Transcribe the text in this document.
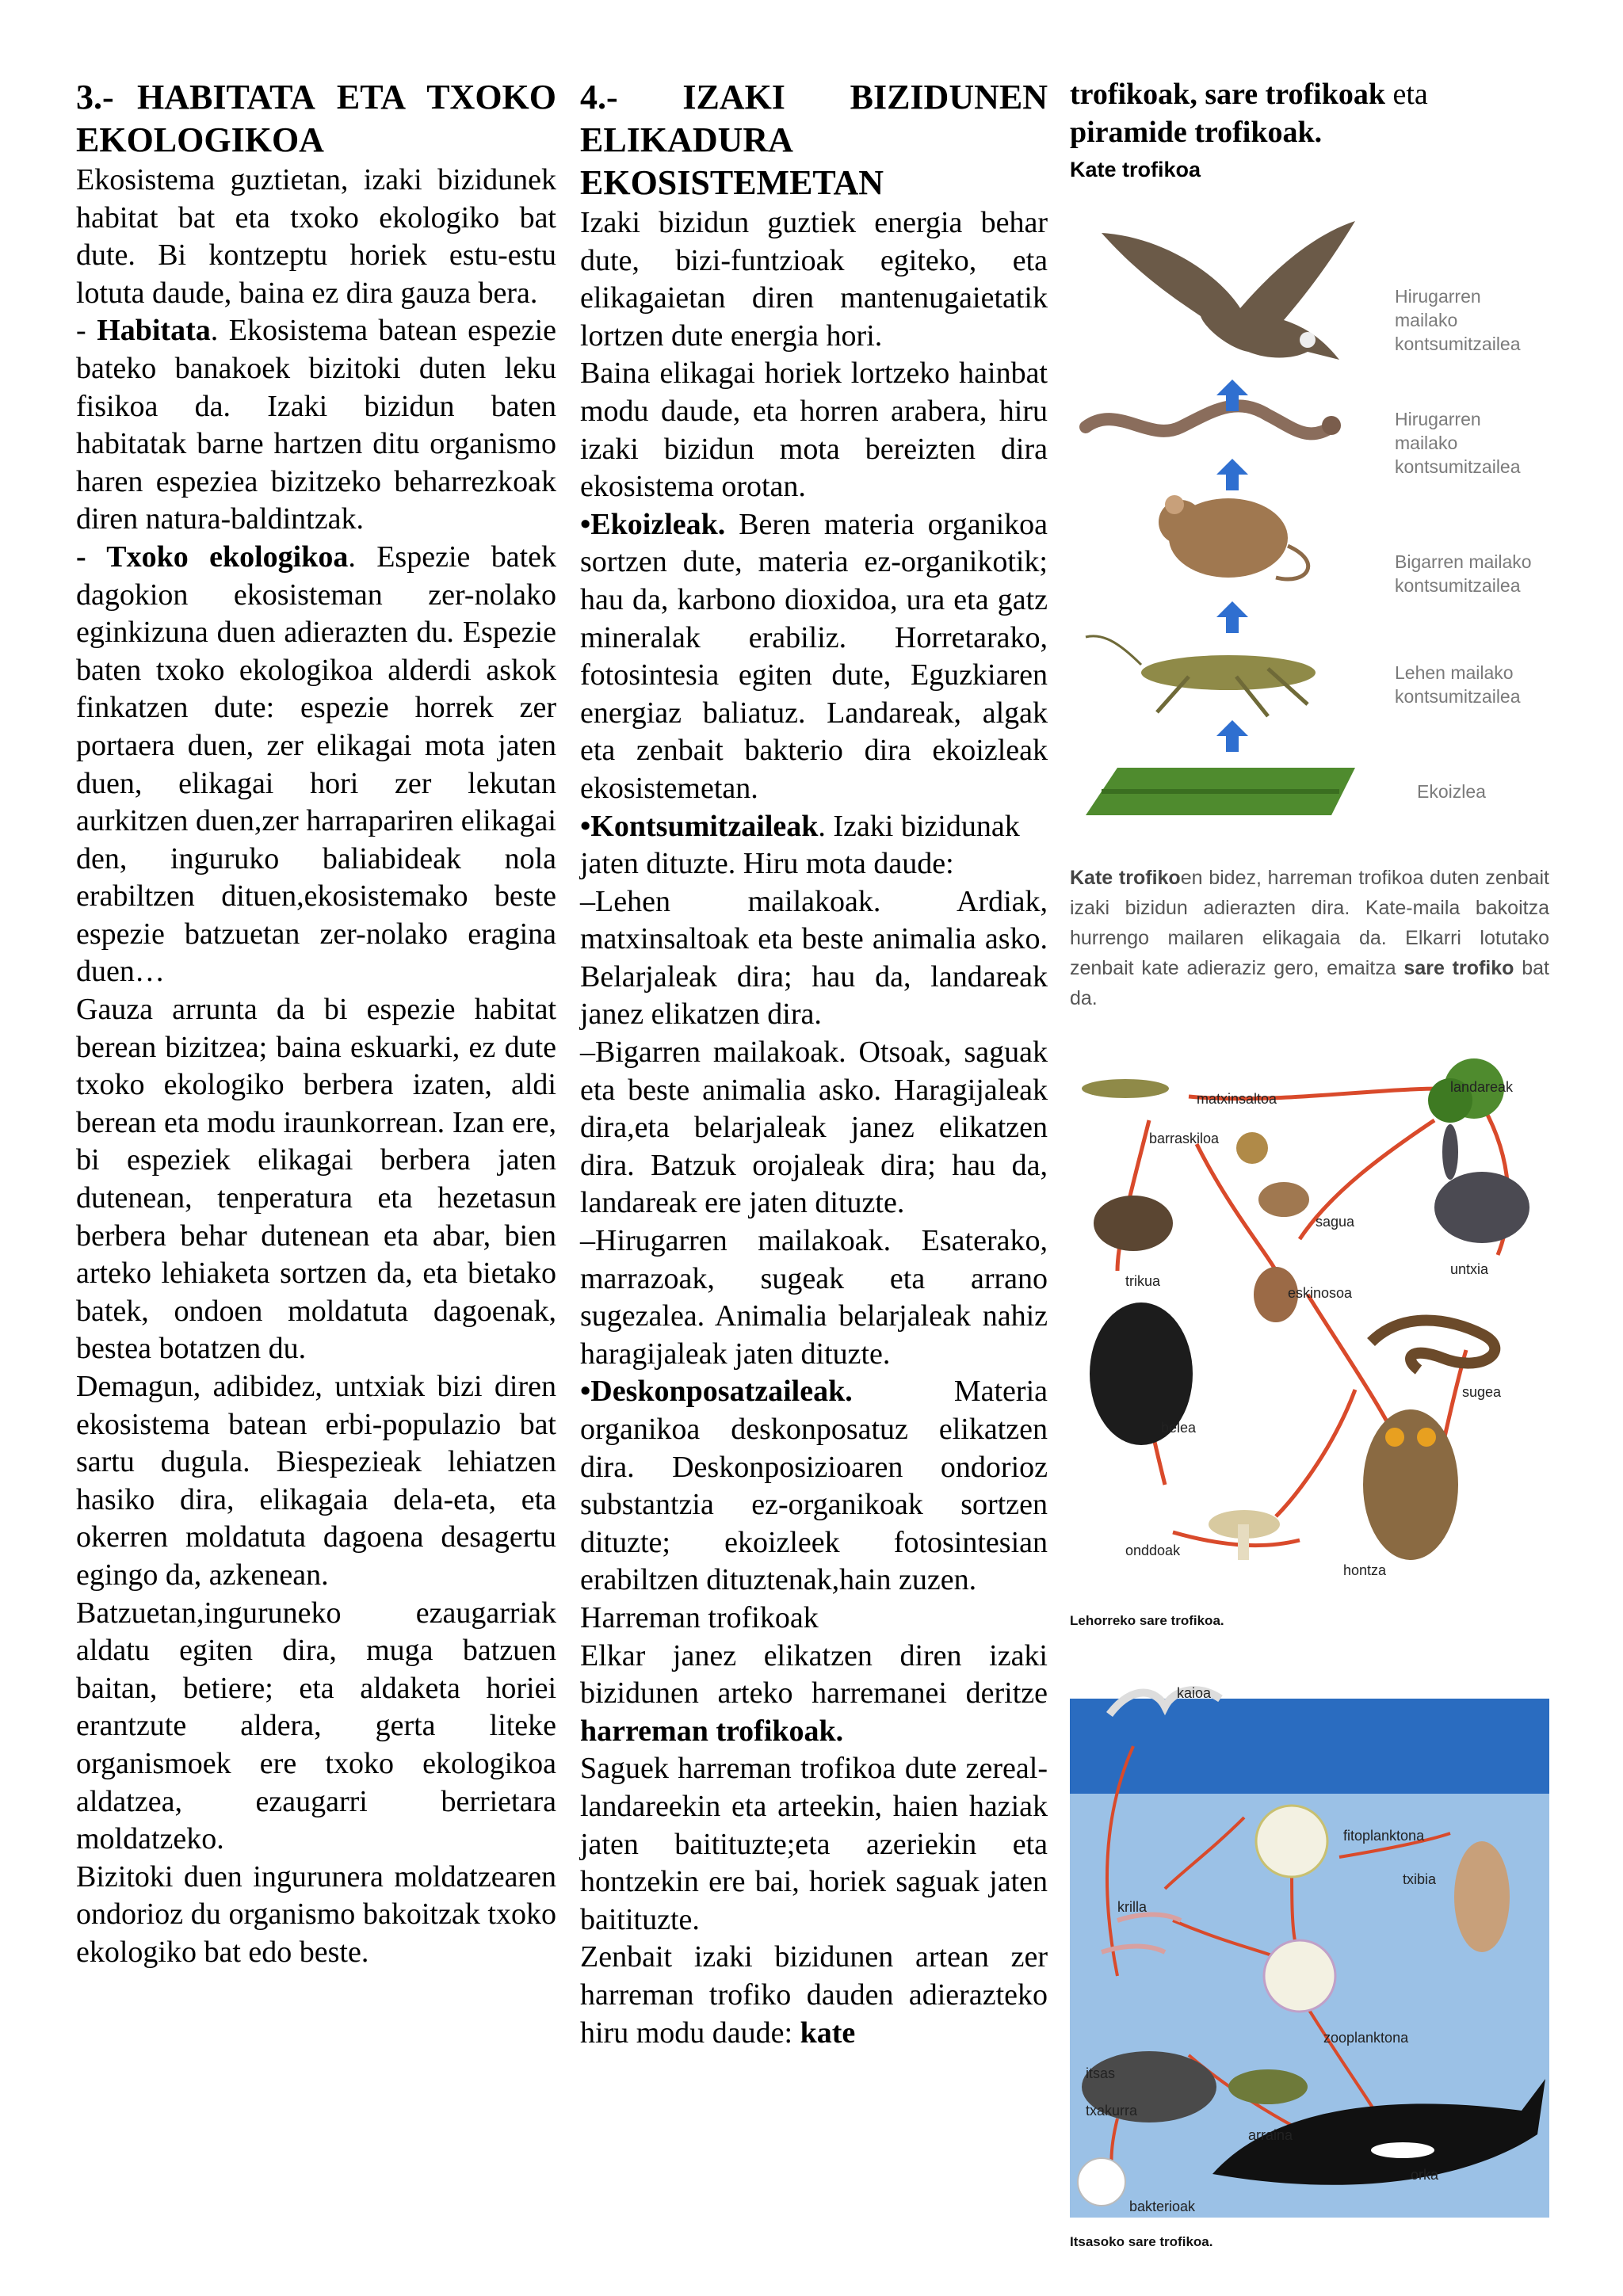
3.- HABITATA ETA TXOKO EKOLOGIKOA

Ekosistema guztietan, izaki bizidunek habitat bat eta txoko ekologiko bat dute. Bi kontzeptu horiek estu-estu lotuta daude, baina ez dira gauza bera.

- Habitata. Ekosistema batean espezie bateko banakoek bizitoki duten leku fisikoa da. Izaki bizidun baten habitatak barne hartzen ditu organismo haren espeziea bizitzeko beharrezkoak diren natura-baldintzak.

- Txoko ekologikoa. Espezie batek dagokion ekosisteman zer-nolako eginkizuna duen adierazten du. Espezie baten txoko ekologikoa alderdi askok finkatzen dute: espezie horrek zer portaera duen, zer elikagai mota jaten duen, elikagai hori zer lekutan aurkitzen duen,zer harrapariren elikagai den, inguruko baliabideak nola erabiltzen dituen,ekosistemako beste espezie batzuetan zer-nolako eragina duen…

Gauza arrunta da bi espezie habitat berean bizitzea; baina eskuarki, ez dute txoko ekologiko berbera izaten, aldi berean eta modu iraunkorrean. Izan ere, bi espeziek elikagai berbera jaten dutenean, tenperatura eta hezetasun berbera behar dutenean eta abar, bien arteko lehiaketa sortzen da, eta bietako batek, ondoen moldatuta dagoenak, bestea botatzen du.

Demagun, adibidez, untxiak bizi diren ekosistema batean erbi-populazio bat sartu dugula. Biespezieak lehiatzen hasiko dira, elikagaia dela-eta, eta okerren moldatuta dagoena desagertu egingo da, azkenean.

Batzuetan,inguruneko ezaugarriak aldatu egiten dira, muga batzuen baitan, betiere; eta aldaketa horiei erantzute aldera, gerta liteke organismoek ere txoko ekologikoa aldatzea, ezaugarri berrietara moldatzeko.

Bizitoki duen ingurunera moldatzearen ondorioz du organismo bakoitzak txoko ekologiko bat edo beste.

4.- IZAKI BIZIDUNEN ELIKADURA EKOSISTEMETAN

Izaki bizidun guztiek energia behar dute, bizi-funtzioak egiteko, eta elikagaietan diren mantenugaietatik lortzen dute energia hori.

Baina elikagai horiek lortzeko hainbat modu daude, eta horren arabera, hiru izaki bizidun mota bereizten dira ekosistema orotan.

•Ekoizleak. Beren materia organikoa sortzen dute, materia ez-organikotik; hau da, karbono dioxidoa, ura eta gatz mineralak erabiliz. Horretarako, fotosintesia egiten dute, Eguzkiaren energiaz baliatuz. Landareak, algak eta zenbait bakterio dira ekoizleak ekosistemetan.

•Kontsumitzaileak. Izaki bizidunak

jaten dituzte. Hiru mota daude:

–Lehen mailakoak. Ardiak, matxinsaltoak eta beste animalia asko. Belarjaleak dira; hau da, landareak janez elikatzen dira.

–Bigarren mailakoak. Otsoak, saguak eta beste animalia asko. Haragijaleak dira,eta belarjaleak janez elikatzen dira. Batzuk orojaleak dira; hau da, landareak ere jaten dituzte.

–Hirugarren mailakoak. Esaterako, marrazoak, sugeak eta arrano sugezalea. Animalia belarjaleak nahiz haragijaleak jaten dituzte.

•Deskonposatzaileak. Materia organikoa deskonposatuz elikatzen dira. Deskonposizioaren ondorioz substantzia ez-organikoak sortzen dituzte; ekoizleek fotosintesian erabiltzen dituztenak,hain zuzen.

Harreman trofikoak

Elkar janez elikatzen diren izaki bizidunen arteko harremanei deritze harreman trofikoak.

Saguek harreman trofikoa dute zereal-landareekin eta arteekin, haien haziak jaten baitituzte;eta azeriekin eta hontzekin ere bai, horiek saguak jaten baitituzte.

Zenbait izaki bizidunen artean zer harreman trofiko dauden adierazteko hiru modu daude: kate

trofikoak, sare trofikoak eta
piramide trofikoak.

Kate trofikoa

Hirugarren mailako kontsumitzailea
Hirugarren mailako kontsumitzailea
Bigarren mailako kontsumitzailea
Lehen mailako kontsumitzailea
Ekoizlea

Kate trofikoen bidez, harreman trofikoa duten zenbait izaki bizidun adierazten dira. Kate-maila bakoitza hurrengo mailaren elikagaia da. Elkarri lotutako zenbait kate adieraziz gero, emaitza sare trofiko bat da.

matxinsaltoa
landareak
barraskiloa
sagua
untxia
trikua
eskinosoa
sugea
belea
onddoak
hontza
Lehorreko sare trofikoa.
kaioa
fitoplanktona
txibia
krilla
zooplanktona
itsas txakurra
arraina
orka
bakterioak
Itsasoko sare trofikoa.
